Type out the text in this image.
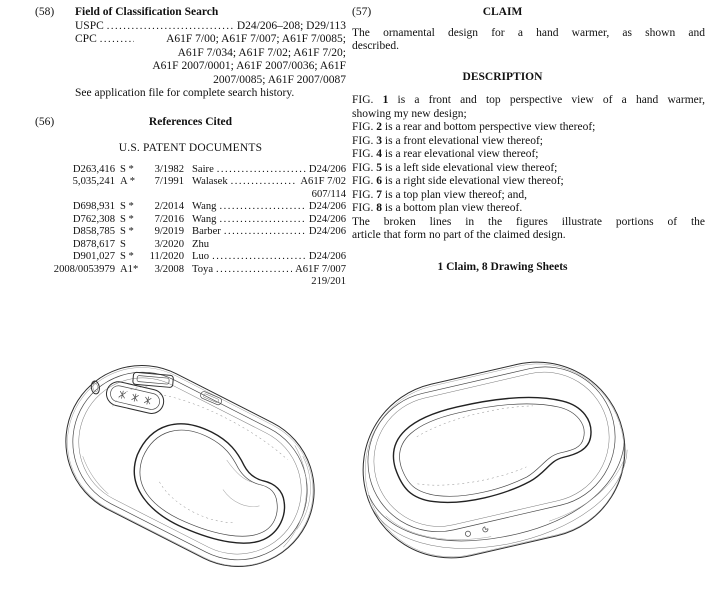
(58)	Field of Classification Search
USPC .....	D24/206–208; D29/113
CPC .....	A61F 7/00; A61F 7/007; A61F 7/0085;
A61F 7/034; A61F 7/02; A61F 7/20;
A61F 2007/0001; A61F 2007/0036; A61F
2007/0085; A61F 2007/0087
See application file for complete search history.
(56)	References Cited
U.S. PATENT DOCUMENTS
D263,416 S *	3/1982 Saire .....	D24/206
5,035,241 A *	7/1991 Walasek .....	A61F 7/02
607/114
D698,931 S *	2/2014 Wang .....	D24/206
D762,308 S *	7/2016 Wang .....	D24/206
D858,785 S *	9/2019 Barber .....	D24/206
D878,617 S	3/2020 Zhu
D901,027 S *	11/2020 Luo .....	D24/206
2008/0053979 A1*	3/2008 Toya .....	A61F 7/007
219/201
(57)	CLAIM
The ornamental design for a hand warmer, as shown and
described.
DESCRIPTION
FIG. 1 is a front and top perspective view of a hand warmer,
showing my new design;
FIG. 2 is a rear and bottom perspective view thereof;
FIG. 3 is a front elevational view thereof;
FIG. 4 is a rear elevational view thereof;
FIG. 5 is a left side elevational view thereof;
FIG. 6 is a right side elevational view thereof;
FIG. 7 is a top plan view thereof; and,
FIG. 8 is a bottom plan view thereof.
The broken lines in the figures illustrate portions of the
article that form no part of the claimed design.
1 Claim, 8 Drawing Sheets
